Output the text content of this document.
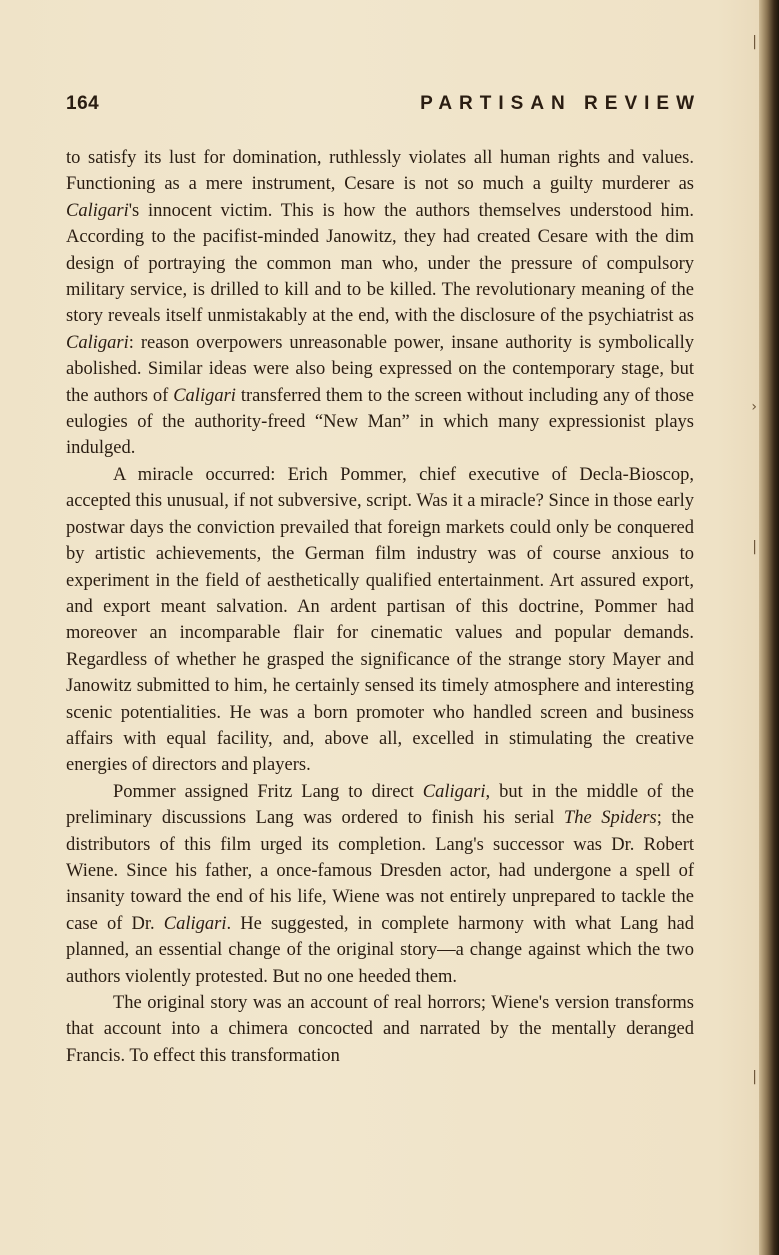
164	PARTISAN REVIEW

to satisfy its lust for domination, ruthlessly violates all human rights and values. Functioning as a mere instrument, Cesare is not so much a guilty murderer as Caligari's innocent victim. This is how the authors themselves understood him. According to the pacifist-minded Janowitz, they had created Cesare with the dim design of portraying the common man who, under the pressure of compulsory military service, is drilled to kill and to be killed. The revolutionary meaning of the story reveals itself unmistakably at the end, with the disclosure of the psychiatrist as Caligari: reason overpowers unreasonable power, insane authority is symbolically abolished. Similar ideas were also being expressed on the contemporary stage, but the authors of Caligari transferred them to the screen without including any of those eulogies of the authority-freed “New Man” in which many expressionist plays indulged.

A miracle occurred: Erich Pommer, chief executive of Decla-Bioscop, accepted this unusual, if not subversive, script. Was it a miracle? Since in those early postwar days the conviction prevailed that foreign markets could only be conquered by artistic achievements, the German film industry was of course anxious to experiment in the field of aesthetically qualified entertainment. Art assured export, and export meant salvation. An ardent partisan of this doctrine, Pommer had moreover an incomparable flair for cinematic values and popular demands. Regardless of whether he grasped the significance of the strange story Mayer and Janowitz submitted to him, he certainly sensed its timely atmosphere and interesting scenic potentialities. He was a born promoter who handled screen and business affairs with equal facility, and, above all, excelled in stimulating the creative energies of directors and players.

Pommer assigned Fritz Lang to direct Caligari, but in the middle of the preliminary discussions Lang was ordered to finish his serial The Spiders; the distributors of this film urged its completion. Lang's successor was Dr. Robert Wiene. Since his father, a once-famous Dresden actor, had undergone a spell of insanity toward the end of his life, Wiene was not entirely unprepared to tackle the case of Dr. Caligari. He suggested, in complete harmony with what Lang had planned, an essential change of the original story—a change against which the two authors violently protested. But no one heeded them.

The original story was an account of real horrors; Wiene's version transforms that account into a chimera concocted and narrated by the mentally deranged Francis. To effect this transformation

|
›
|
|
